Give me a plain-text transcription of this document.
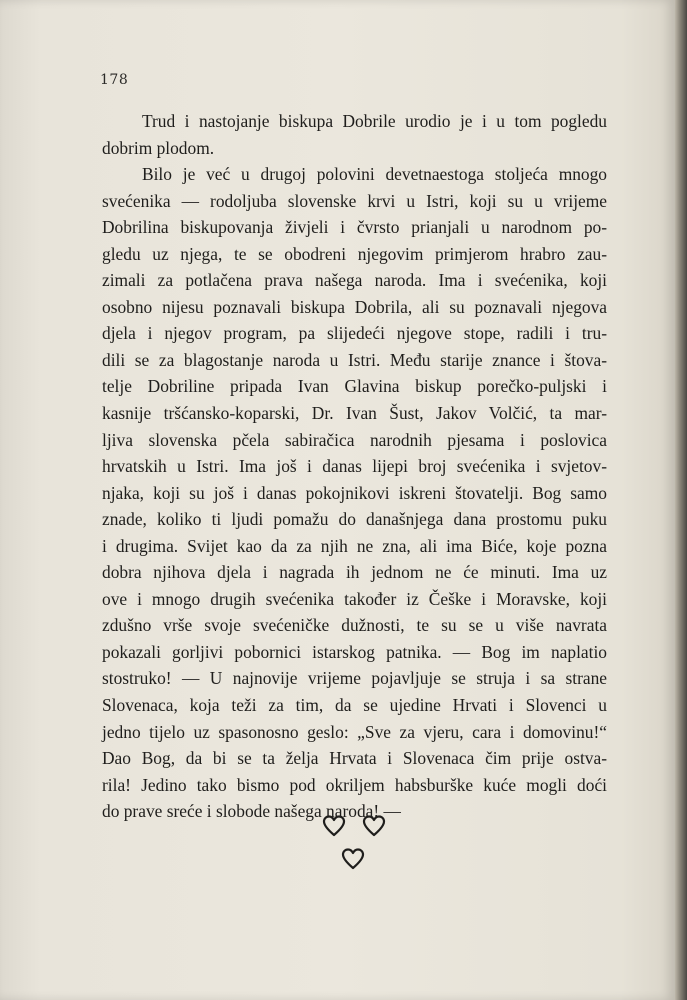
178
Trud i nastojanje biskupa Dobrile urodio je i u tom pogledu
dobrim plodom.
Bilo je već u drugoj polovini devetnaestoga stoljeća mnogo
svećenika — rodoljuba slovenske krvi u Istri, koji su u vrijeme
Dobrilina biskupovanja živjeli i čvrsto prianjali u narodnom po-
gledu uz njega, te se obodreni njegovim primjerom hrabro zau-
zimali za potlačena prava našega naroda. Ima i svećenika, koji
osobno nijesu poznavali biskupa Dobrila, ali su poznavali njegova
djela i njegov program, pa slijedeći njegove stope, radili i tru-
dili se za blagostanje naroda u Istri. Među starije znance i štova-
telje Dobriline pripada Ivan Glavina biskup porečko-puljski i
kasnije tršćansko-koparski, Dr. Ivan Šust, Jakov Volčić, ta mar-
ljiva slovenska pčela sabiračica narodnih pjesama i poslovica
hrvatskih u Istri. Ima još i danas lijepi broj svećenika i svjetov-
njaka, koji su još i danas pokojnikovi iskreni štovatelji. Bog samo
znade, koliko ti ljudi pomažu do današnjega dana prostomu puku
i drugima. Svijet kao da za njih ne zna, ali ima Biće, koje pozna
dobra njihova djela i nagrada ih jednom ne će minuti. Ima uz
ove i mnogo drugih svećenika također iz Češke i Moravske, koji
zdušno vrše svoje svećeničke dužnosti, te su se u više navrata
pokazali gorljivi pobornici istarskog patnika. — Bog im naplatio
stostruko! — U najnovije vrijeme pojavljuje se struja i sa strane
Slovenaca, koja teži za tim, da se ujedine Hrvati i Slovenci u
jedno tijelo uz spasonosno geslo: „Sve za vjeru, cara i domovinu!“
Dao Bog, da bi se ta želja Hrvata i Slovenaca čim prije ostva-
rila! Jedino tako bismo pod okriljem habsburške kuće mogli doći
do prave sreće i slobode našega naroda! —
